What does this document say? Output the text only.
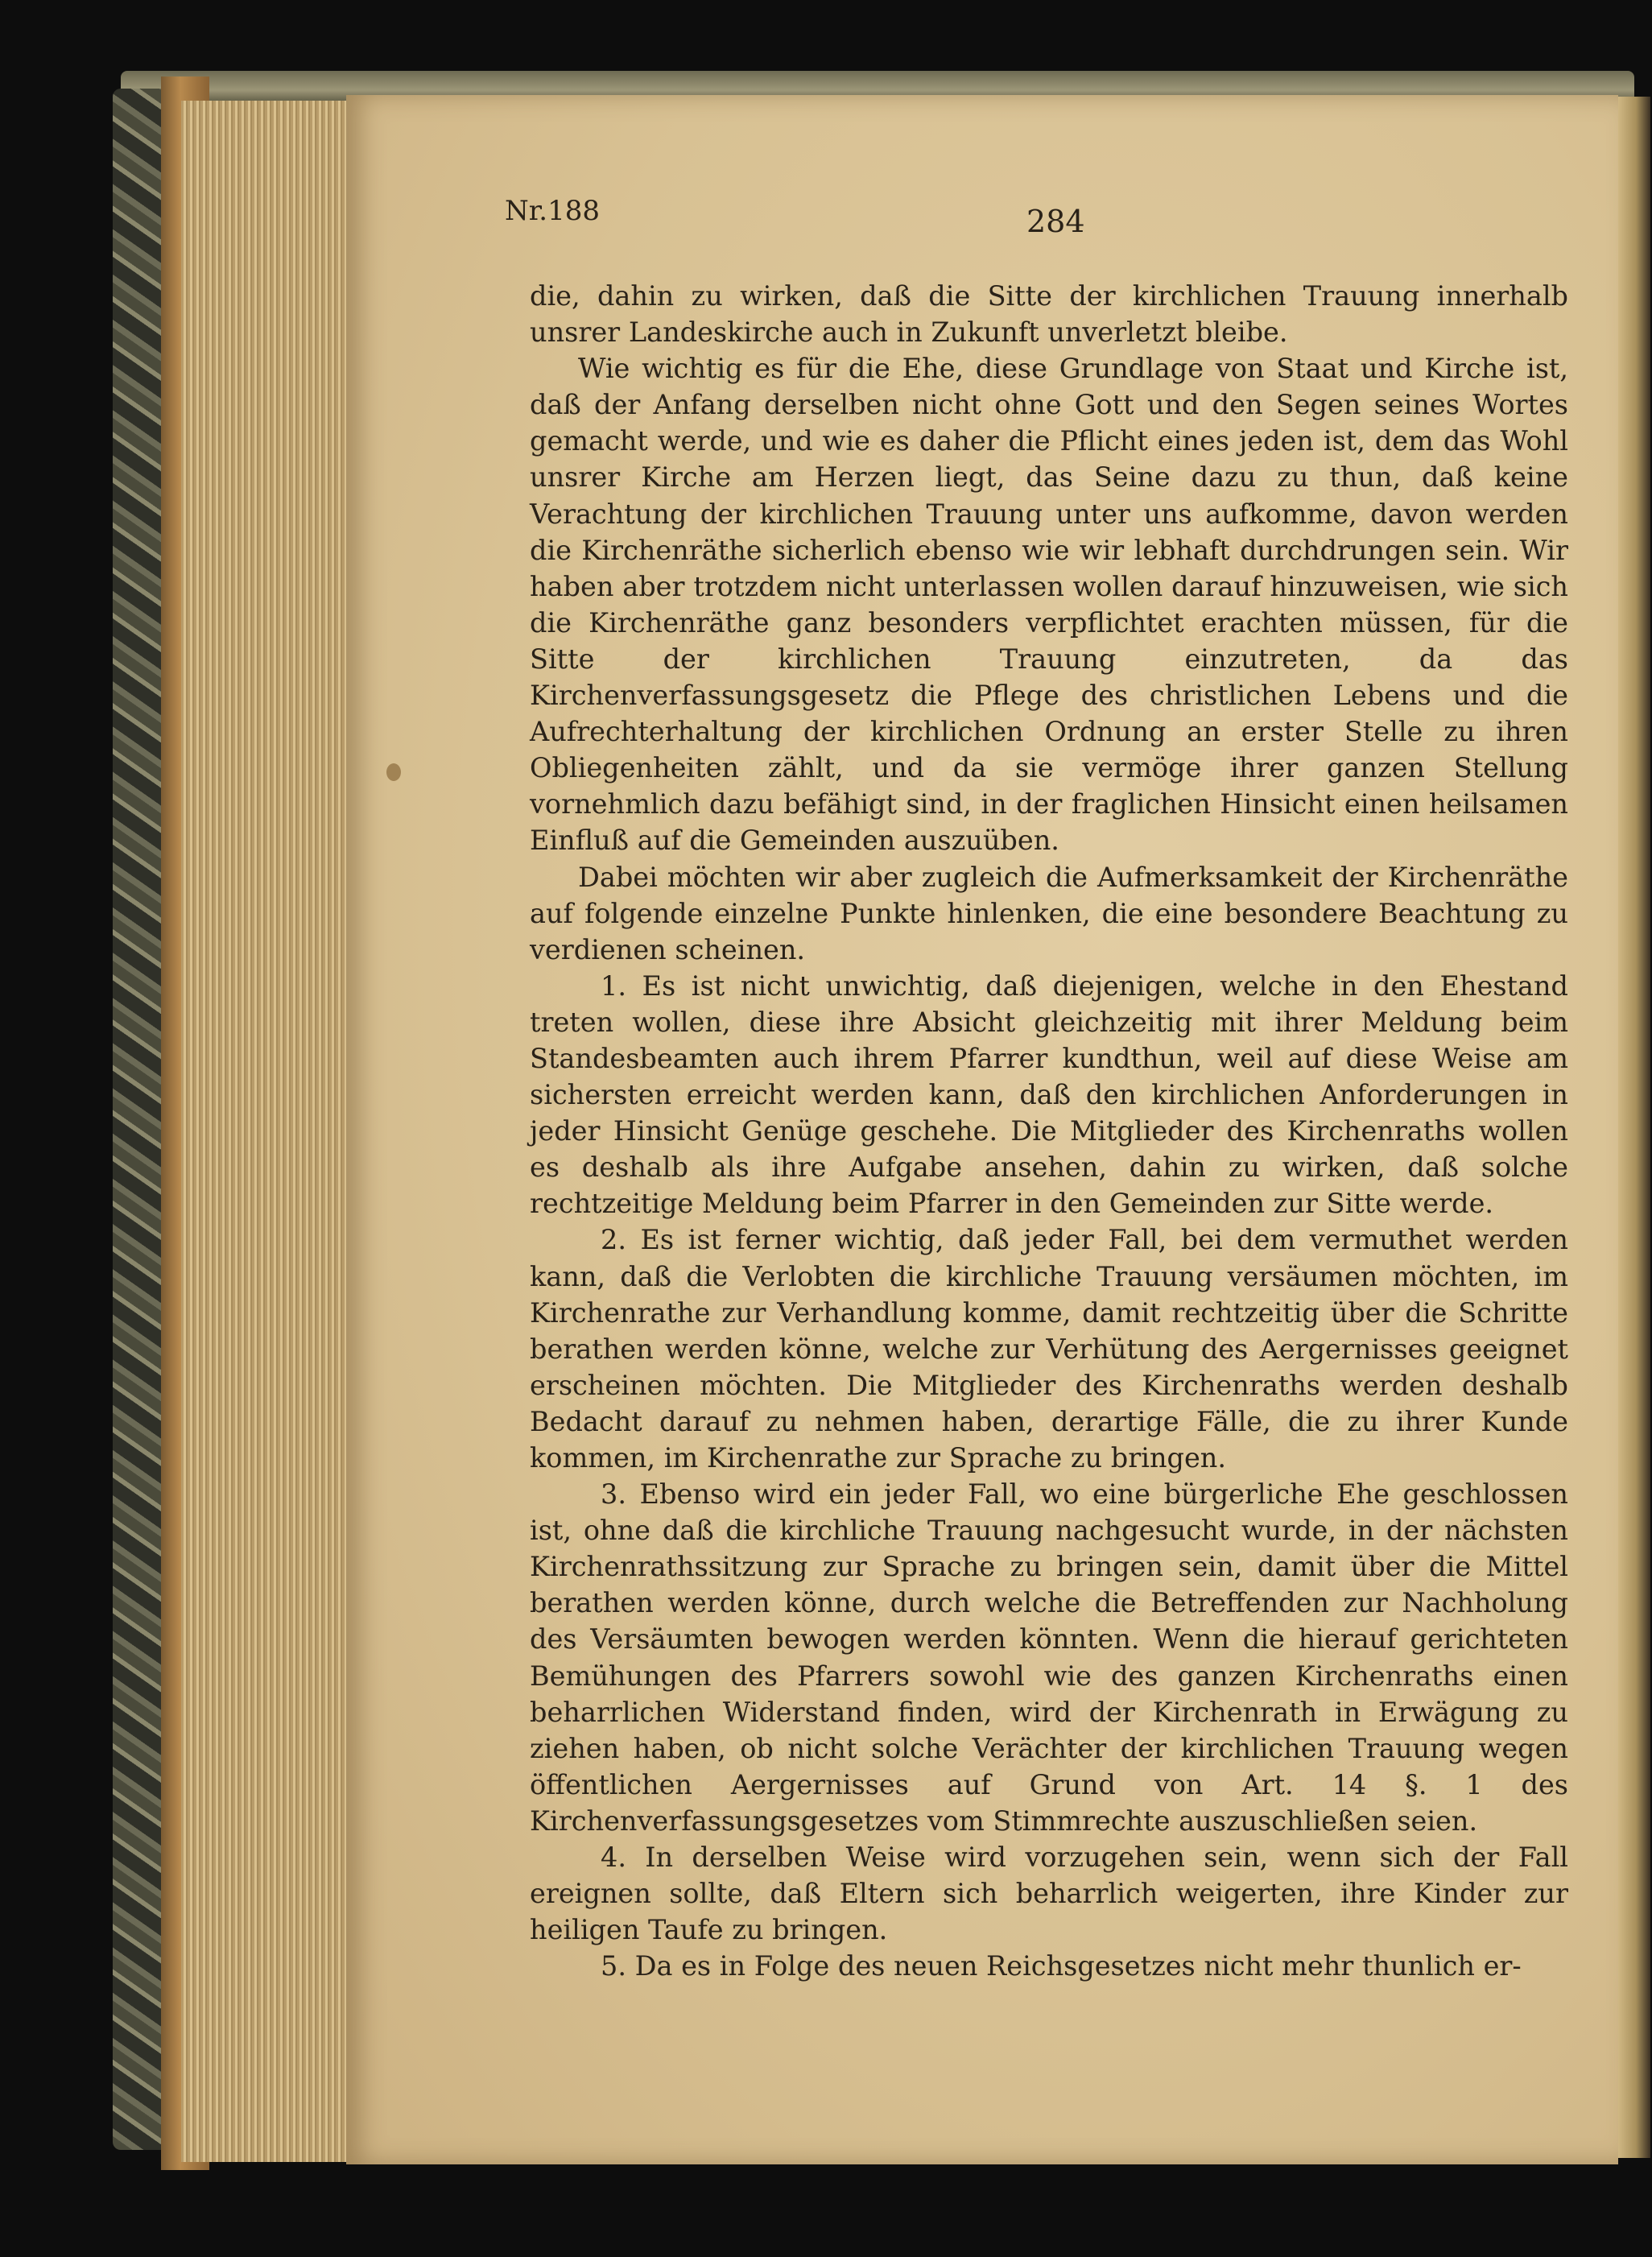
Nr.188	284

die, dahin zu wirken, daß die Sitte der kirchlichen Trauung innerhalb unsrer Landeskirche auch in Zukunft unverletzt bleibe.

Wie wichtig es für die Ehe, diese Grundlage von Staat und Kirche ist, daß der Anfang derselben nicht ohne Gott und den Segen seines Wortes gemacht werde, und wie es daher die Pflicht eines jeden ist, dem das Wohl unsrer Kirche am Herzen liegt, das Seine dazu zu thun, daß keine Verachtung der kirchlichen Trauung unter uns aufkomme, davon werden die Kirchenräthe sicherlich ebenso wie wir lebhaft durchdrungen sein. Wir haben aber trotzdem nicht unterlassen wollen darauf hinzuweisen, wie sich die Kirchenräthe ganz besonders verpflichtet erachten müssen, für die Sitte der kirchlichen Trauung einzutreten, da das Kirchenverfassungsgesetz die Pflege des christlichen Lebens und die Aufrechterhaltung der kirchlichen Ordnung an erster Stelle zu ihren Obliegenheiten zählt, und da sie vermöge ihrer ganzen Stellung vornehmlich dazu befähigt sind, in der fraglichen Hinsicht einen heilsamen Einfluß auf die Gemeinden auszuüben.

Dabei möchten wir aber zugleich die Aufmerksamkeit der Kirchenräthe auf folgende einzelne Punkte hinlenken, die eine besondere Beachtung zu verdienen scheinen.

1. Es ist nicht unwichtig, daß diejenigen, welche in den Ehestand treten wollen, diese ihre Absicht gleichzeitig mit ihrer Meldung beim Standesbeamten auch ihrem Pfarrer kundthun, weil auf diese Weise am sichersten erreicht werden kann, daß den kirchlichen Anforderungen in jeder Hinsicht Genüge geschehe. Die Mitglieder des Kirchenraths wollen es deshalb als ihre Aufgabe ansehen, dahin zu wirken, daß solche rechtzeitige Meldung beim Pfarrer in den Gemeinden zur Sitte werde.

2. Es ist ferner wichtig, daß jeder Fall, bei dem vermuthet werden kann, daß die Verlobten die kirchliche Trauung versäumen möchten, im Kirchenrathe zur Verhandlung komme, damit rechtzeitig über die Schritte berathen werden könne, welche zur Verhütung des Aergernisses geeignet erscheinen möchten. Die Mitglieder des Kirchenraths werden deshalb Bedacht darauf zu nehmen haben, derartige Fälle, die zu ihrer Kunde kommen, im Kirchenrathe zur Sprache zu bringen.

3. Ebenso wird ein jeder Fall, wo eine bürgerliche Ehe geschlossen ist, ohne daß die kirchliche Trauung nachgesucht wurde, in der nächsten Kirchenrathssitzung zur Sprache zu bringen sein, damit über die Mittel berathen werden könne, durch welche die Betreffenden zur Nachholung des Versäumten bewogen werden könnten. Wenn die hierauf gerichteten Bemühungen des Pfarrers sowohl wie des ganzen Kirchenraths einen beharrlichen Widerstand finden, wird der Kirchenrath in Erwägung zu ziehen haben, ob nicht solche Verächter der kirchlichen Trauung wegen öffentlichen Aergernisses auf Grund von Art. 14 §. 1 des Kirchenverfassungsgesetzes vom Stimmrechte auszuschließen seien.

4. In derselben Weise wird vorzugehen sein, wenn sich der Fall ereignen sollte, daß Eltern sich beharrlich weigerten, ihre Kinder zur heiligen Taufe zu bringen.

5. Da es in Folge des neuen Reichsgesetzes nicht mehr thunlich er-
